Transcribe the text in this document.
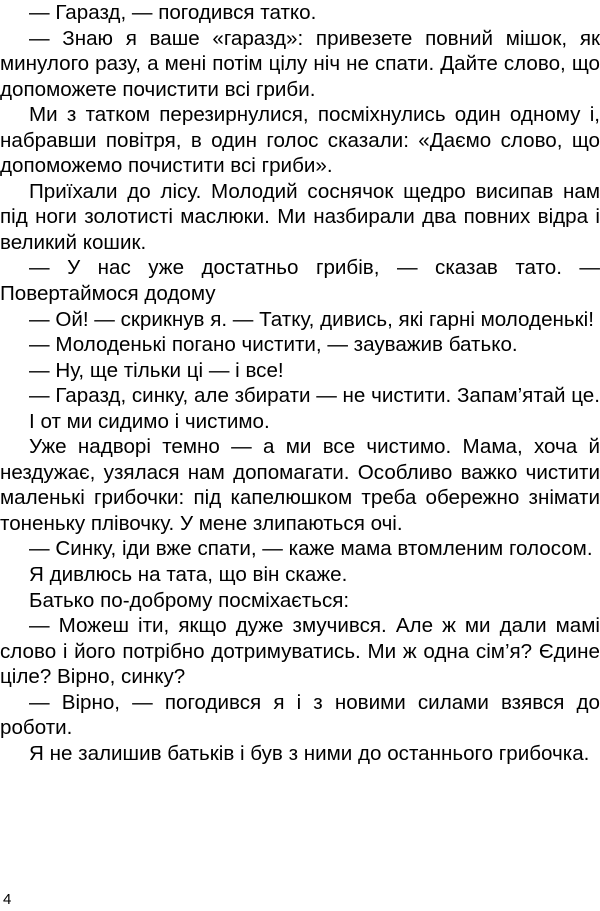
— Гаразд, — погодився татко.

— Знаю я ваше «гаразд»: привезете повний мішок, як минулого разу, а мені потім цілу ніч не спати. Дайте слово, що допоможете почистити всі гриби.

Ми з татком перезирнулися, посміхнулись один одному і, набравши повітря, в один голос сказали: «Даємо слово, що допоможемо почистити всі гриби».

Приїхали до лісу. Молодий соснячок щедро висипав нам під ноги золотисті маслюки. Ми назбирали два повних відра і великий кошик.

— У нас уже достатньо грибів, — сказав тато. — Повертаймося додому

— Ой! — скрикнув я. — Татку, дивись, які гарні молоденькі!

— Молоденькі погано чистити, — зауважив батько.

— Ну, ще тільки ці — і все!

— Гаразд, синку, але збирати — не чистити. Запам’ятай це.

І от ми сидимо і чистимо.

Уже надворі темно — а ми все чистимо. Мама, хоча й нездужає, узялася нам допомагати. Особливо важко чистити маленькі грибочки: під капелюшком треба обережно знімати тоненьку плівочку. У мене злипаються очі.

— Синку, іди вже спати, — каже мама втомленим голосом.

Я дивлюсь на тата, що він скаже.

Батько по-доброму посміхається:

— Можеш іти, якщо дуже змучився. Але ж ми дали мамі слово і його потрібно дотримуватись. Ми ж одна сім’я? Єдине ціле? Вірно, синку?

— Вірно, — погодився я і з новими силами взявся до роботи.

Я не залишив батьків і був з ними до останнього грибочка.

4
